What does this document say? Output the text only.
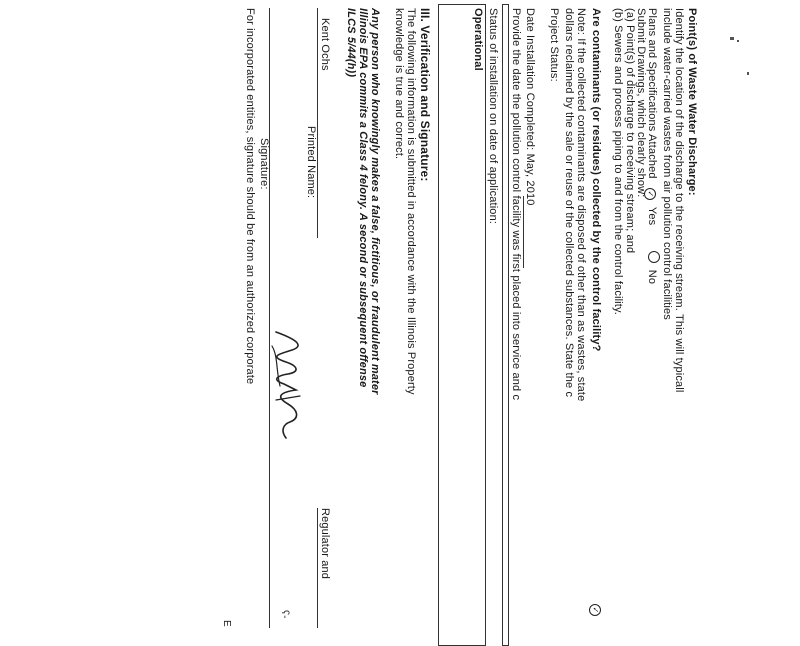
Point(s) of Waste Water Discharge:
Identify the location of the discharge to the receiving stream. This will typicall
include water-carried wastes from air pollution control facilities
Plans and Specifications Attached ✓ Yes  No
Submit Drawings, which clearly show:
(a) Point(s) of discharge to receiving stream; and
(b) Sewers and process piping to and from the control facility.
Are contaminants (or residues) collected by the control facility?
✓
Note: If the collected contaminants are disposed of other than as wastes, state
dollars reclaimed by the sale or reuse of the collected substances. State the c
Project Status:
Date Installation Completed: May, 2010
Provide the date the pollution control facility was first placed into service and c
Status of installation on date of application:
Operational
III. Verification and Signature:
The following information is submitted in accordance with the Illinois Property
knowledge is true and correct.
Any person who knowingly makes a false, fictitious, or fraudulent mater
Illinois EPA commits a Class 4 felony. A second or subsequent offense
ILCS 5/44(h))
Kent Ochs
Printed Name:
Regulator and
Signature:
For incorporated entities, signature should be from an authorized corporate
ʕ-
E
